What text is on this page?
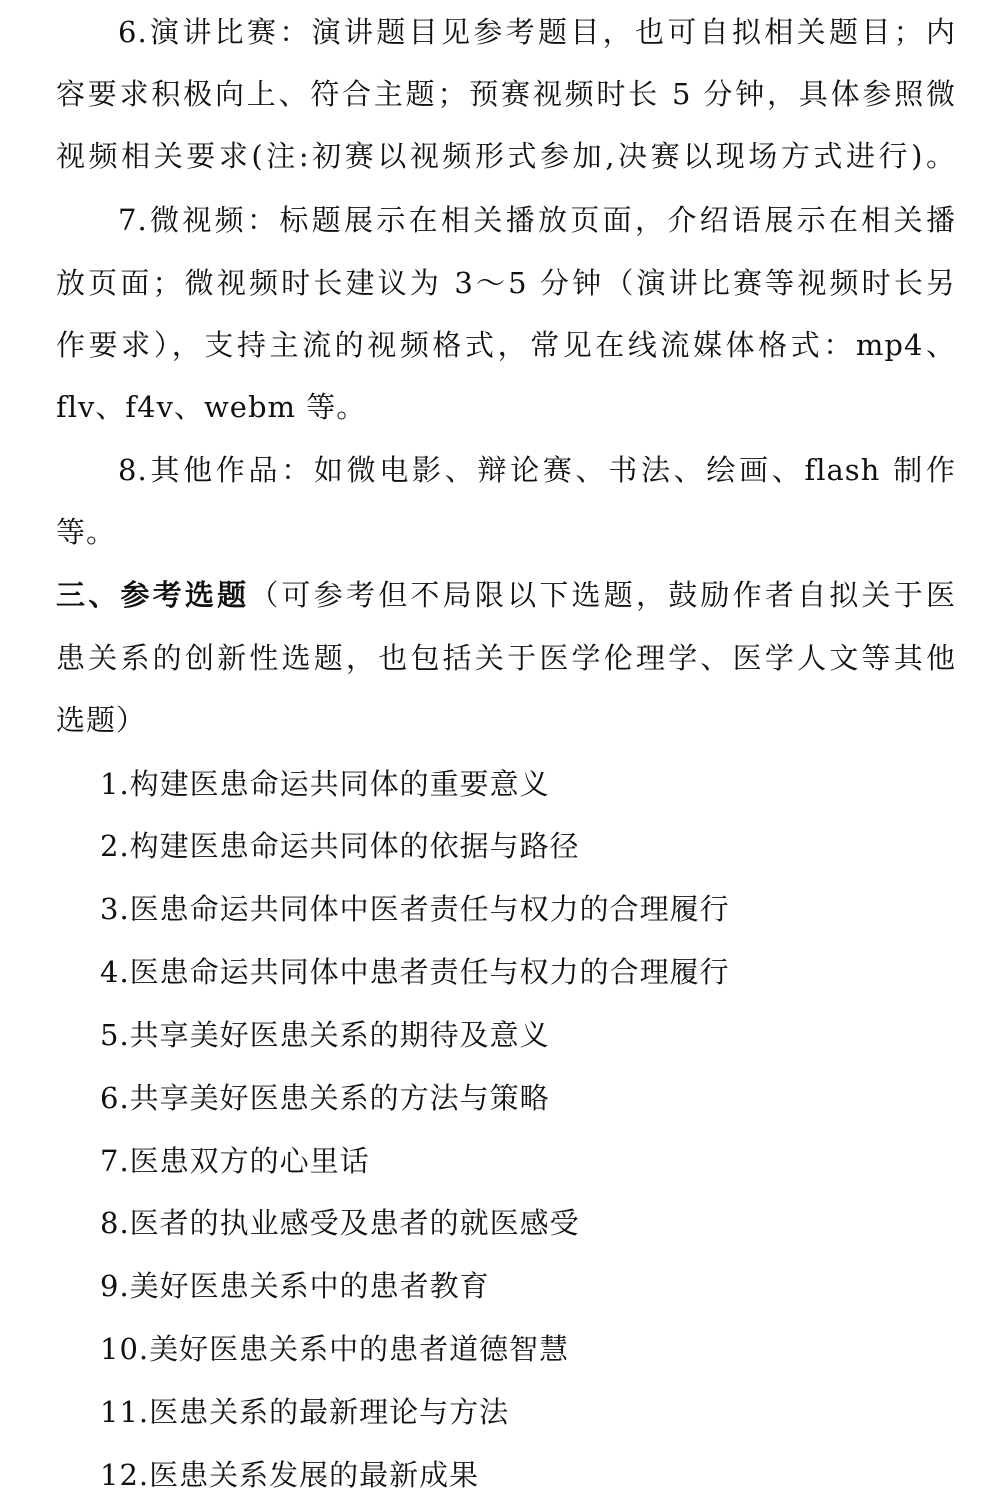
6.演讲比赛：演讲题目见参考题目，也可自拟相关题目；内

容要求积极向上、符合主题；预赛视频时长 5 分钟，具体参照微

视频相关要求(注:初赛以视频形式参加,决赛以现场方式进行)。

7.微视频：标题展示在相关播放页面，介绍语展示在相关播

放页面；微视频时长建议为 3～5 分钟（演讲比赛等视频时长另

作要求），支持主流的视频格式，常见在线流媒体格式：mp4、

flv、f4v、webm 等。

8.其他作品：如微电影、辩论赛、书法、绘画、flash 制作

等。

三、参考选题（可参考但不局限以下选题，鼓励作者自拟关于医

患关系的创新性选题，也包括关于医学伦理学、医学人文等其他

选题）

1.构建医患命运共同体的重要意义

2.构建医患命运共同体的依据与路径

3.医患命运共同体中医者责任与权力的合理履行

4.医患命运共同体中患者责任与权力的合理履行

5.共享美好医患关系的期待及意义

6.共享美好医患关系的方法与策略

7.医患双方的心里话

8.医者的执业感受及患者的就医感受

9.美好医患关系中的患者教育

10.美好医患关系中的患者道德智慧

11.医患关系的最新理论与方法

12.医患关系发展的最新成果
